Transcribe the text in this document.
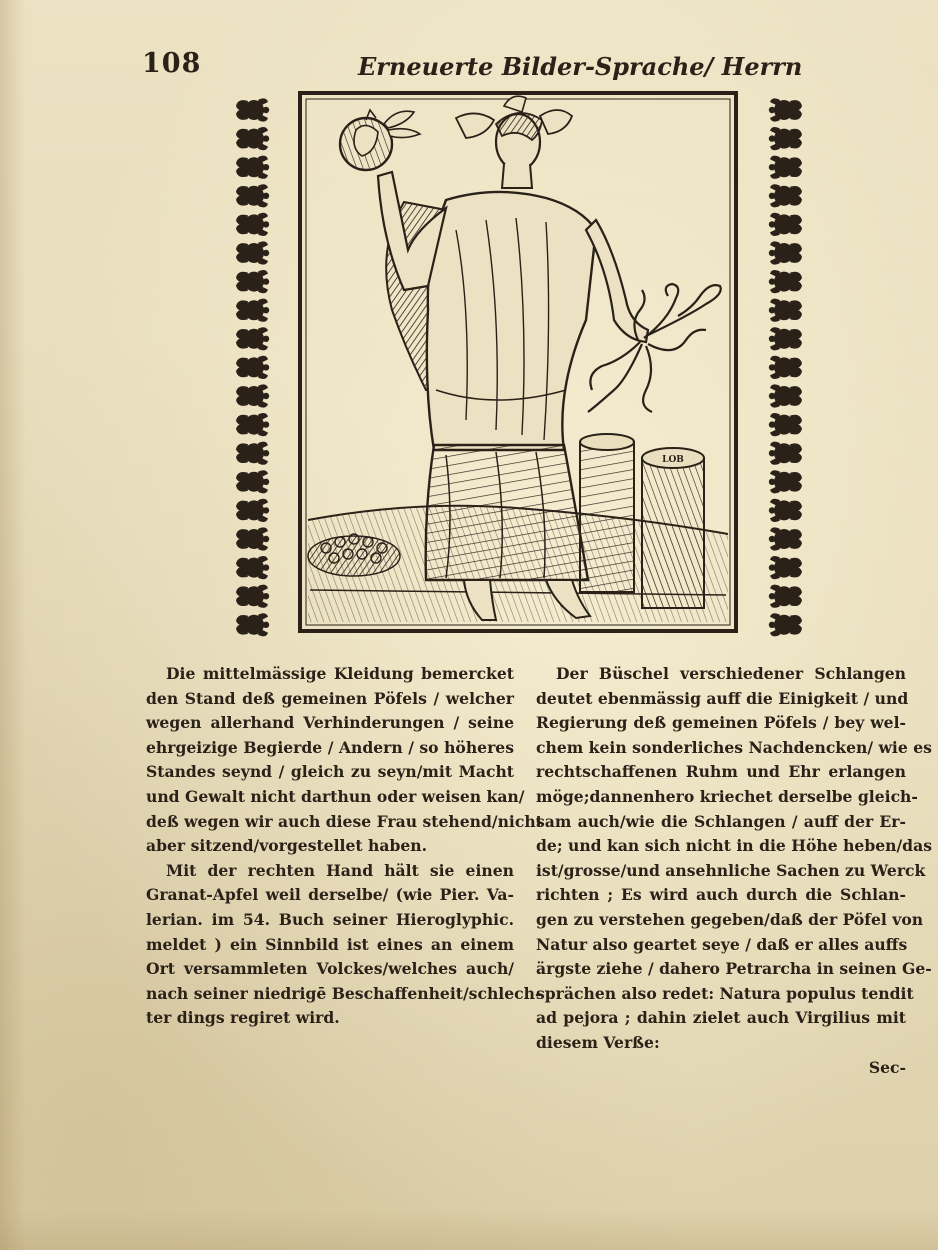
108	Erneuerte Bilder-Sprache/ Herrn
LOB
Die mittelmässige Kleidung bemercket
den Stand deß gemeinen Pöfels / welcher
wegen allerhand Verhinderungen / seine
ehrgeizige Begierde / Andern / so höheres
Standes seynd / gleich zu seyn/mit Macht
und Gewalt nicht darthun oder weisen kan/
deß wegen wir auch diese Frau stehend/nicht
aber sitzend/vorgestellet haben.
Mit der rechten Hand hält sie einen
Granat-Apfel weil derselbe/ (wie Pier. Va-
lerian. im 54. Buch seiner Hieroglyphic.
meldet ) ein Sinnbild ist eines an einem
Ort versammleten Volckes/welches auch/
nach seiner niedrigē Beschaffenheit/schlech-
ter dings regiret wird.
Der Büschel verschiedener Schlangen
deutet ebenmässig auff die Einigkeit / und
Regierung deß gemeinen Pöfels / bey wel-
chem kein sonderliches Nachdencken/ wie es
rechtschaffenen Ruhm und Ehr erlangen
möge;dannenhero kriechet derselbe gleich-
sam auch/wie die Schlangen / auff der Er-
de; und kan sich nicht in die Höhe heben/das
ist/grosse/und ansehnliche Sachen zu Werck
richten ; Es wird auch durch die Schlan-
gen zu verstehen gegeben/daß der Pöfel von
Natur also geartet seye / daß er alles auffs
ärgste ziehe / dahero Petrarcha in seinen Ge-
sprächen also redet: Natura populus tendit
ad pejora ; dahin zielet auch Virgilius mit
diesem Verße:
Sec-
